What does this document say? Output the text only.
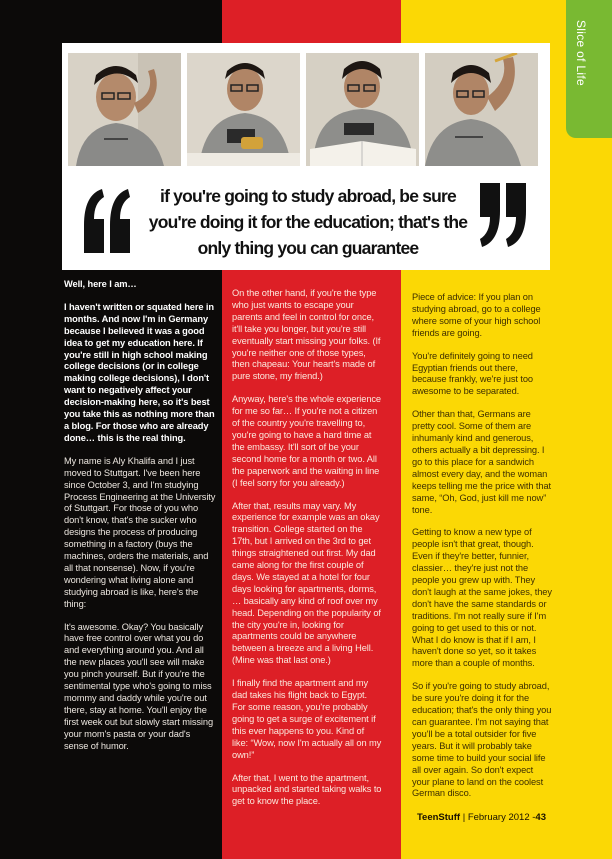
Slice of Life

if you're going to study abroad, be sure you're doing it for the education; that's the only thing you can guarantee

Well, here I am…

I haven't written or squated here in months. And now I'm in Germany because I believed it was a good idea to get my education here. If you're still in high school making college decisions (or in college making college decisions), I don't want to negatively affect your decision-making here, so it's best you take this as nothing more than a blog. For those who are already done… this is the real thing.

My name is Aly Khalifa and I just moved to Stuttgart. I've been here since October 3, and I'm studying Process Engineering at the University of Stuttgart. For those of you who don't know, that's the sucker who designs the process of producing something in a factory (buys the machines, orders the materials, and all that nonsense). Now, if you're wondering what living alone and studying abroad is like, here's the thing:

It's awesome. Okay? You basically have free control over what you do and everything around you. And all the new places you'll see will make you pinch yourself. But if you're the sentimental type who's going to miss mommy and daddy while you're out there, stay at home. You'll enjoy the first week out but slowly start missing your mom's pasta or your dad's sense of humor.

On the other hand, if you're the type who just wants to escape your parents and feel in control for once, it'll take you longer, but you're still eventually start missing your folks. (If you're neither one of those types, then chapeau: Your heart's made of pure stone, my friend.)

Anyway, here's the whole experience for me so far… If you're not a citizen of the country you're travelling to, you're going to have a hard time at the embassy. It'll sort of be your second home for a month or two. All the paperwork and the waiting in line (I feel sorry for you already.)

After that, results may vary. My experience for example was an okay transition. College started on the 17th, but I arrived on the 3rd to get things straightened out first. My dad came along for the first couple of days. We stayed at a hotel for four days looking for apartments, dorms, … basically any kind of roof over my head. Depending on the popularity of the city you're in, looking for apartments could be anywhere between a breeze and a living Hell. (Mine was that last one.)

I finally find the apartment and my dad takes his flight back to Egypt. For some reason, you're probably going to get a surge of excitement if this ever happens to you. Kind of like: “Wow, now I'm actually all on my own!”

After that, I went to the apartment, unpacked and started taking walks to get to know the place.

Piece of advice: If you plan on studying abroad, go to a college where some of your high school friends are going.

You're definitely going to need Egyptian friends out there, because frankly, we're just too awesome to be separated.

Other than that, Germans are pretty cool. Some of them are inhumanly kind and generous, others actually a bit depressing. I go to this place for a sandwich almost every day, and the woman keeps telling me the price with that same, “Oh, God, just kill me now” tone.

Getting to know a new type of people isn't that great, though. Even if they're better, funnier, classier… they're just not the people you grew up with. They don't laugh at the same jokes, they don't have the same standards or traditions. I'm not really sure if I'm going to get used to this or not. What I do know is that if I am, I haven't done so yet, so it takes more than a couple of months.

So if you're going to study abroad, be sure you're doing it for the education; that's the only thing you can guarantee. I'm not saying that you'll be a total outsider for five years. But it will probably take some time to build your social life all over again. So don't expect your plane to land on the coolest German disco.

TeenStuff | February 2012 -43
